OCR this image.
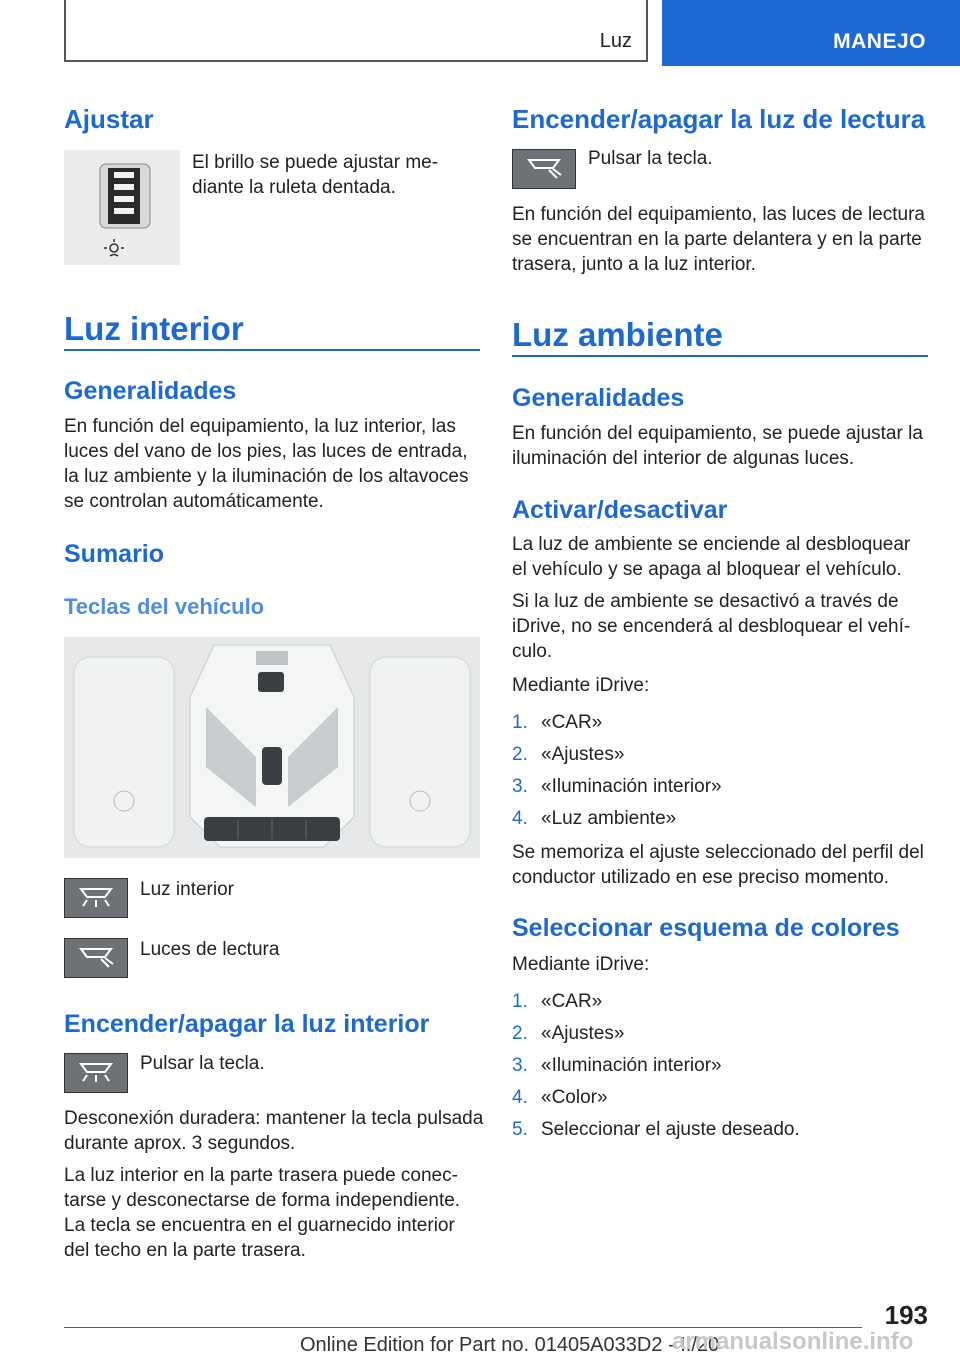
Luz	MANEJO
Ajustar

El brillo se puede ajustar me-

diante la ruleta dentada.

Luz interior
Generalidades

En función del equipamiento, la luz interior, las

luces del vano de los pies, las luces de entrada,

la luz ambiente y la iluminación de los altavoces

se controlan automáticamente.

Sumario
Teclas del vehículo

Luz interior

Luces de lectura

Encender/apagar la luz interior

Pulsar la tecla.

Desconexión duradera: mantener la tecla pulsada

durante aprox. 3 segundos.

La luz interior en la parte trasera puede conec-

tarse y desconectarse de forma independiente.

La tecla se encuentra en el guarnecido interior

del techo en la parte trasera.

Encender/apagar la luz de lectura

Pulsar la tecla.

En función del equipamiento, las luces de lectura

se encuentran en la parte delantera y en la parte

trasera, junto a la luz interior.

Luz ambiente
Generalidades

En función del equipamiento, se puede ajustar la

iluminación del interior de algunas luces.

Activar/desactivar

La luz de ambiente se enciende al desbloquear

el vehículo y se apaga al bloquear el vehículo.

Si la luz de ambiente se desactivó a través de

iDrive, no se encenderá al desbloquear el vehí-

culo.

Mediante iDrive:

1. «CAR»
2. «Ajustes»
3. «Iluminación interior»
4. «Luz ambiente»

Se memoriza el ajuste seleccionado del perfil del

conductor utilizado en ese preciso momento.

Seleccionar esquema de colores

Mediante iDrive:

1. «CAR»
2. «Ajustes»
3. «Iluminación interior»
4. «Color»
5. Seleccionar el ajuste deseado.
193
Online Edition for Part no. 01405A033D2 - II/20
armanualsonline.info
